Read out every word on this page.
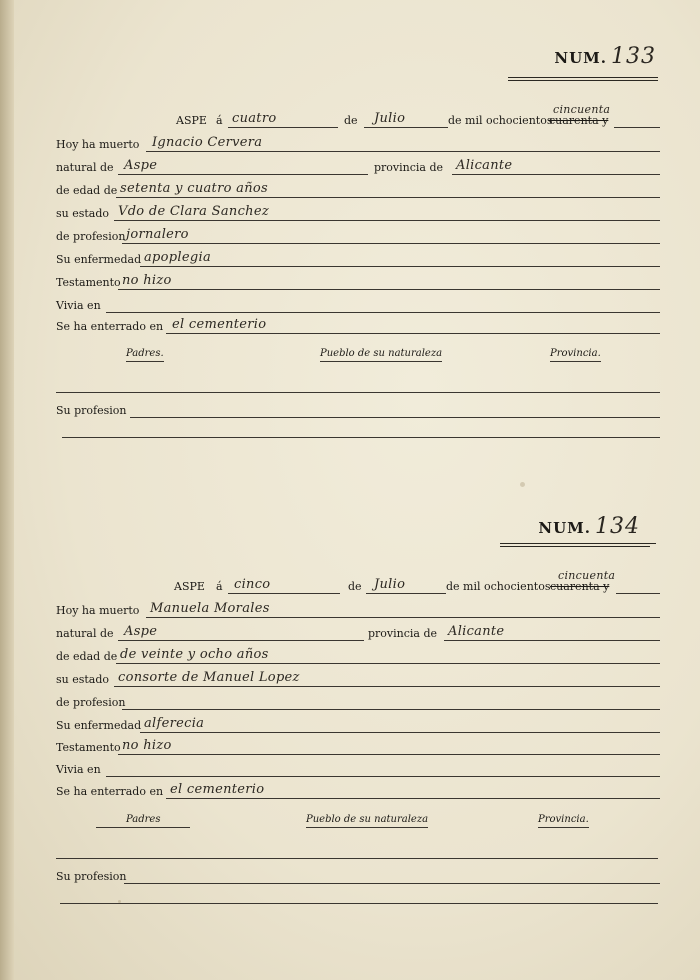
NUM. 133
ASPE á cuatro	de Julio	de mil ochocientos
cuarenta y
cincuenta
Hoy ha muerto Ignacio Cervera
natural de Aspe	provincia de Alicante
de edad de setenta y cuatro años
su estado Vdo de Clara Sanchez
de profesion jornalero
Su enfermedad apoplegia
Testamento no hizo
Vivia en
Se ha enterrado en el cementerio
Padres.	Pueblo de su naturaleza	Provincia.
Su profesion
NUM. 134
ASPE á cinco	de Julio	de mil ochocientos cuarenta y
cincuenta
Hoy ha muerto Manuela Morales
natural de Aspe	provincia de Alicante
de edad de de veinte y ocho años
su estado consorte de Manuel Lopez
de profesion
Su enfermedad alferecia
Testamento no hizo
Vivia en
Se ha enterrado en el cementerio
Padres	Pueblo de su naturaleza	Provincia.
Su profesion
